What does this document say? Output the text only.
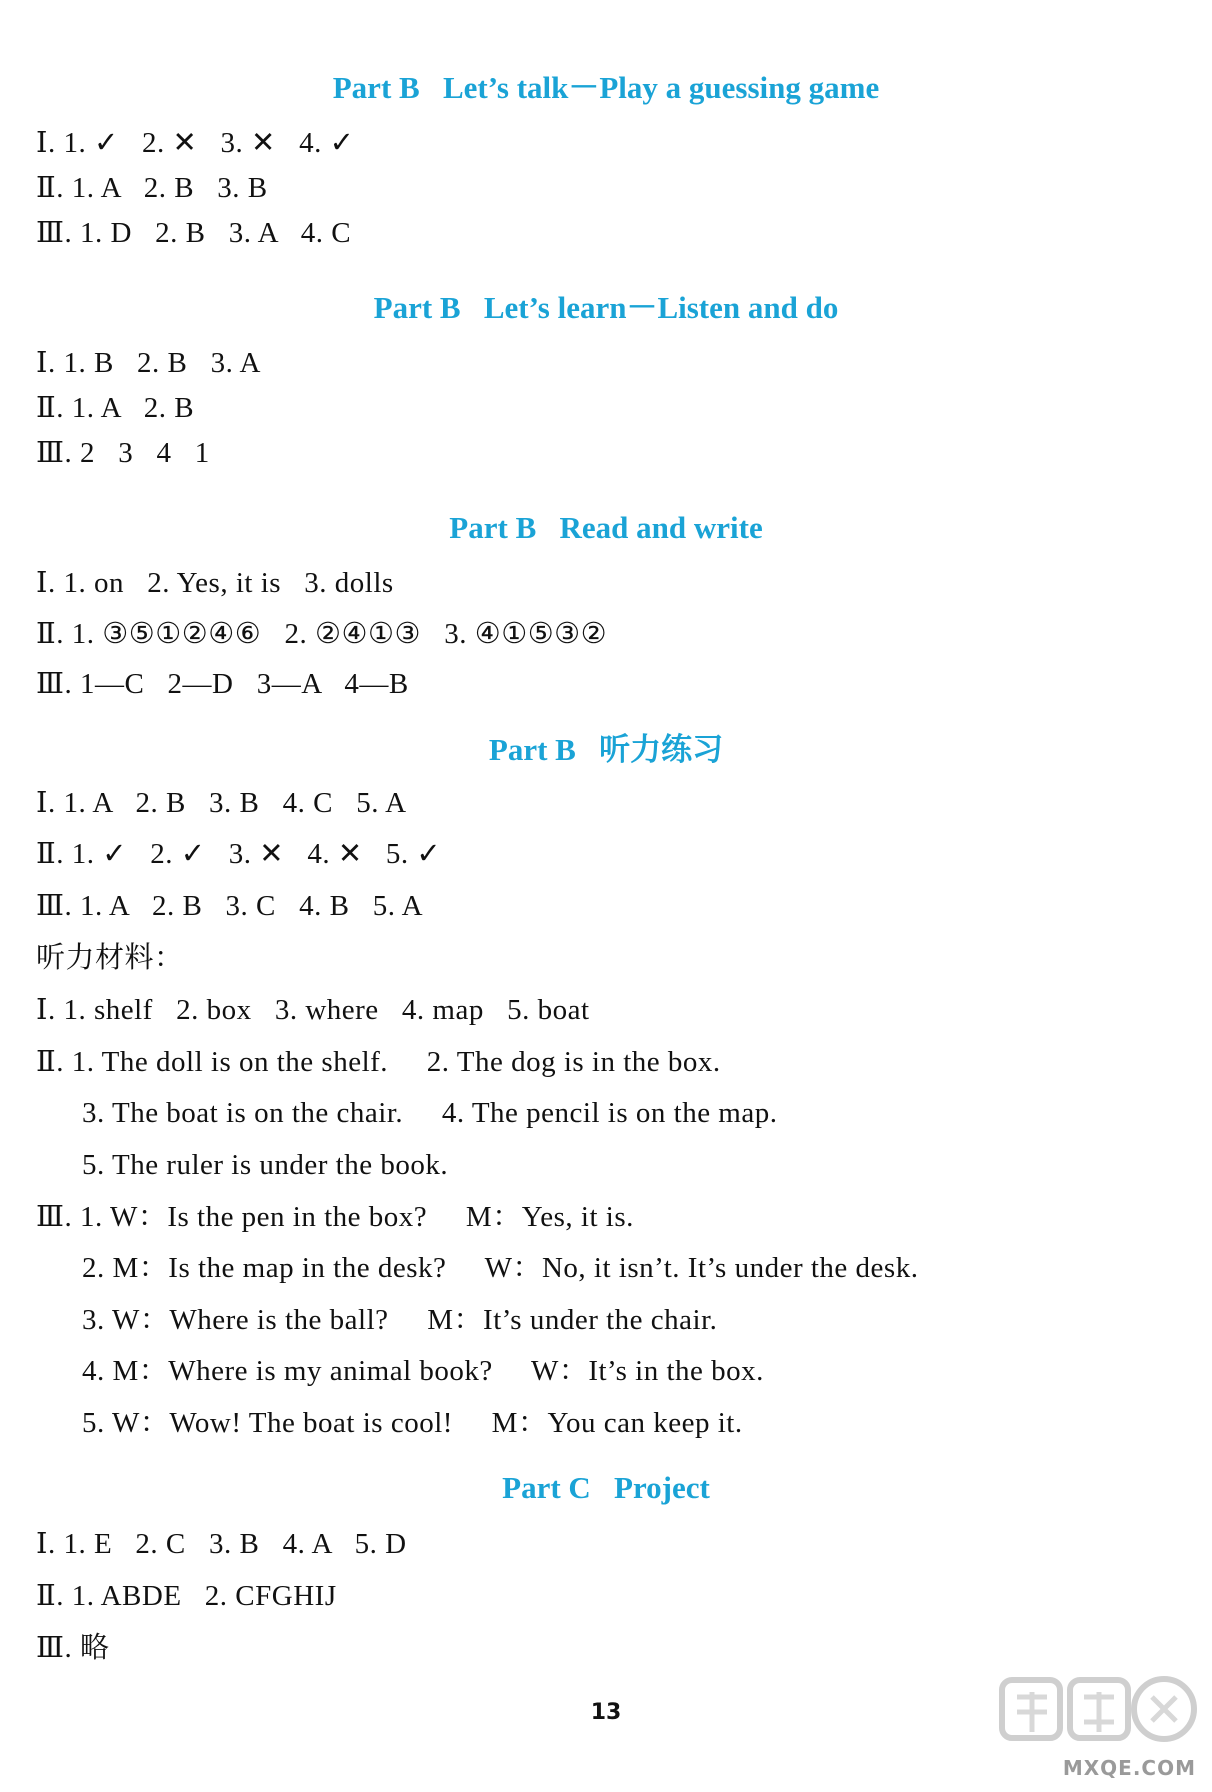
Part B   Let’s talk－Play a guessing game
Ⅰ. 1. ✓   2. ✕   3. ✕   4. ✓
Ⅱ. 1. A   2. B   3. B
Ⅲ. 1. D   2. B   3. A   4. C
Part B   Let’s learn－Listen and do
Ⅰ. 1. B   2. B   3. A
Ⅱ. 1. A   2. B
Ⅲ. 2   3   4   1
Part B   Read and write
Ⅰ. 1. on   2. Yes, it is   3. dolls
Ⅱ. 1. ③⑤①②④⑥   2. ②④①③   3. ④①⑤③②
Ⅲ. 1—C   2—D   3—A   4—B
Part B   听力练习
Ⅰ. 1. A   2. B   3. B   4. C   5. A
Ⅱ. 1. ✓   2. ✓   3. ✕   4. ✕   5. ✓
Ⅲ. 1. A   2. B   3. C   4. B   5. A
听力材料：
Ⅰ. 1. shelf   2. box   3. where   4. map   5. boat
Ⅱ. 1. The doll is on the shelf.     2. The dog is in the box.
3. The boat is on the chair.     4. The pencil is on the map.
5. The ruler is under the book.
Ⅲ. 1. W：Is the pen in the box?     M：Yes, it is.
2. M：Is the map in the desk?     W：No, it isn’t. It’s under the desk.
3. W：Where is the ball?     M：It’s under the chair.
4. M：Where is my animal book?     W：It’s in the box.
5. W：Wow! The boat is cool!     M：You can keep it.
Part C   Project
Ⅰ. 1. E   2. C   3. B   4. A   5. D
Ⅱ. 1. ABDE   2. CFGHIJ
Ⅲ. 略
13
MXQE.COM
